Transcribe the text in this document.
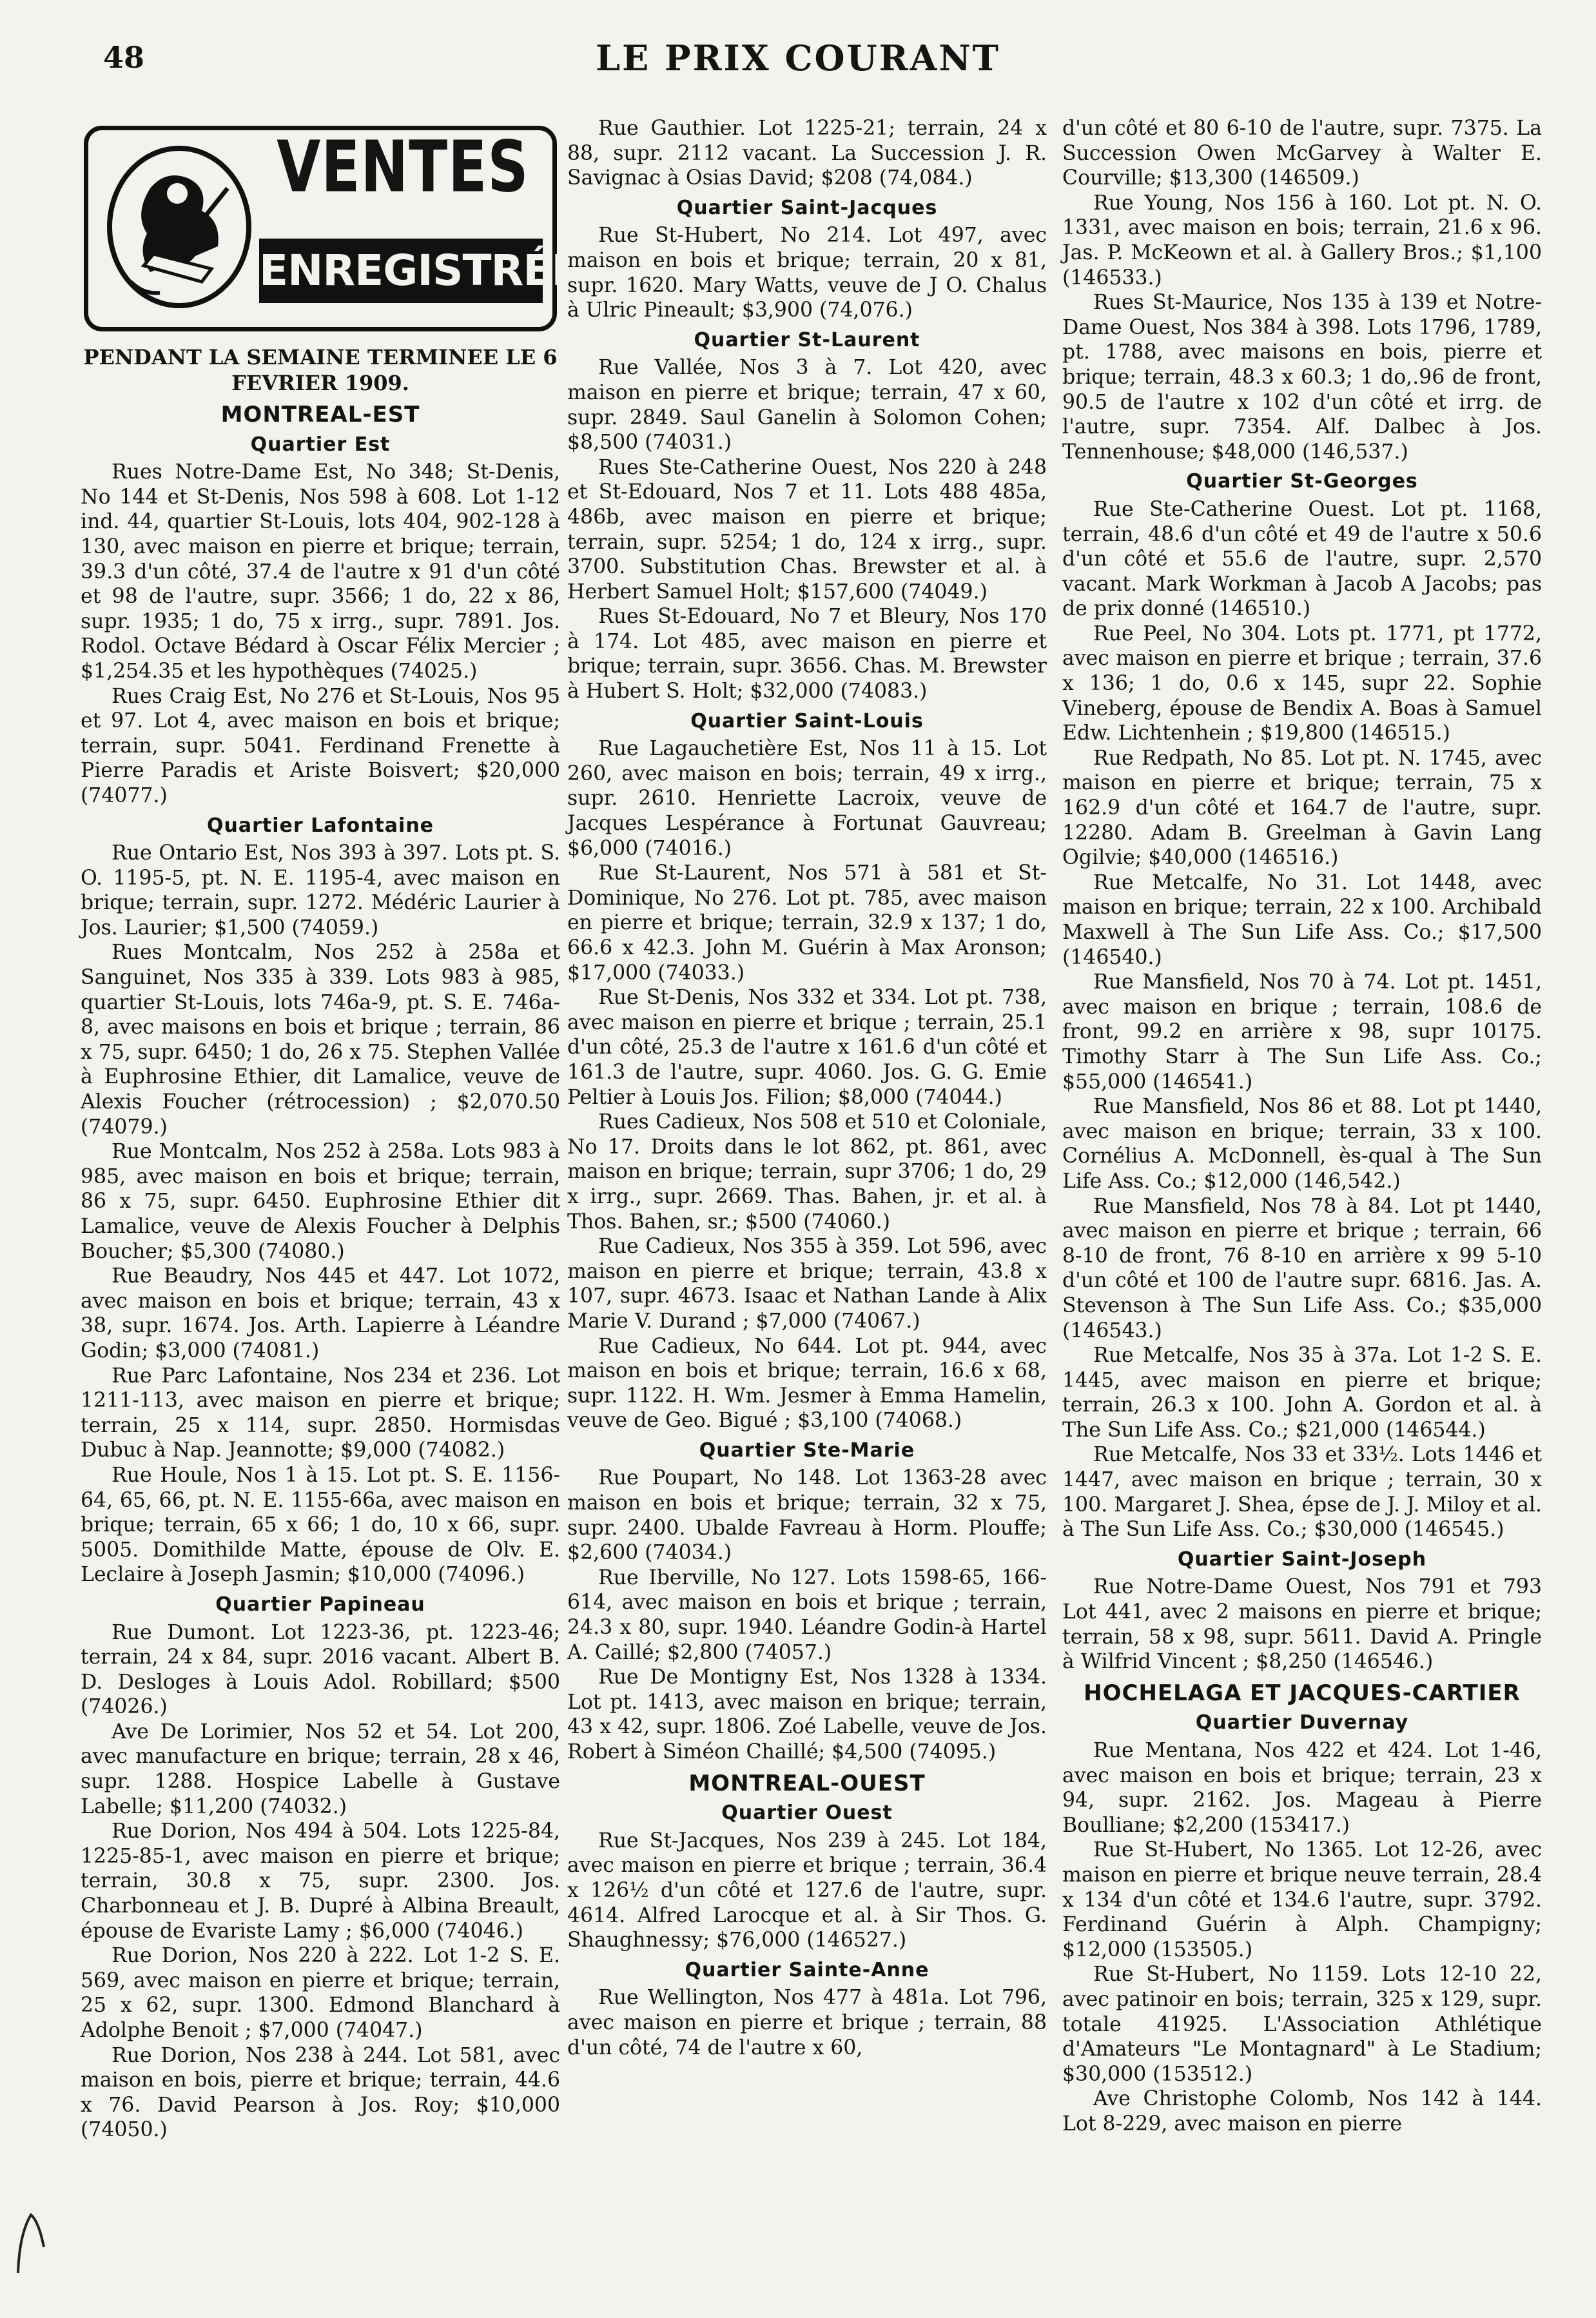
48	LE PRIX COURANT
VENTES
ENREGISTRÉES
PENDANT LA SEMAINE TERMINEE LE 6 FEVRIER 1909.
MONTREAL-EST
Quartier Est

Rues Notre-Dame Est, No 348; St-Denis, No 144 et St-Denis, Nos 598 à 608. Lot 1-12 ind. 44, quartier St-Louis, lots 404, 902-128 à 130, avec maison en pierre et brique; terrain, 39.3 d'un côté, 37.4 de l'autre x 91 d'un côté et 98 de l'autre, supr. 3566; 1 do, 22 x 86, supr. 1935; 1 do, 75 x irrg., supr. 7891. Jos. Rodol. Octave Bédard à Oscar Félix Mercier ; $1,254.35 et les hypothèques (74025.)

Rues Craig Est, No 276 et St-Louis, Nos 95 et 97. Lot 4, avec maison en bois et brique; terrain, supr. 5041. Ferdinand Frenette à Pierre Paradis et Ariste Boisvert; $20,000 (74077.)

Quartier Lafontaine

Rue Ontario Est, Nos 393 à 397. Lots pt. S. O. 1195-5, pt. N. E. 1195-4, avec maison en brique; terrain, supr. 1272. Médéric Laurier à Jos. Laurier; $1,500 (74059.)

Rues Montcalm, Nos 252 à 258a et Sanguinet, Nos 335 à 339. Lots 983 à 985, quartier St-Louis, lots 746a-9, pt. S. E. 746a-8, avec maisons en bois et brique ; terrain, 86 x 75, supr. 6450; 1 do, 26 x 75. Stephen Vallée à Euphrosine Ethier, dit Lamalice, veuve de Alexis Foucher (rétrocession) ; $2,070.50 (74079.)

Rue Montcalm, Nos 252 à 258a. Lots 983 à 985, avec maison en bois et brique; terrain, 86 x 75, supr. 6450. Euphrosine Ethier dit Lamalice, veuve de Alexis Foucher à Delphis Boucher; $5,300 (74080.)

Rue Beaudry, Nos 445 et 447. Lot 1072, avec maison en bois et brique; terrain, 43 x 38, supr. 1674. Jos. Arth. Lapierre à Léandre Godin; $3,000 (74081.)

Rue Parc Lafontaine, Nos 234 et 236. Lot 1211-113, avec maison en pierre et brique; terrain, 25 x 114, supr. 2850. Hormisdas Dubuc à Nap. Jeannotte; $9,000 (74082.)

Rue Houle, Nos 1 à 15. Lot pt. S. E. 1156-64, 65, 66, pt. N. E. 1155-66a, avec maison en brique; terrain, 65 x 66; 1 do, 10 x 66, supr. 5005. Domithilde Matte, épouse de Olv. E. Leclaire à Joseph Jasmin; $10,000 (74096.)

Quartier Papineau

Rue Dumont. Lot 1223-36, pt. 1223-46; terrain, 24 x 84, supr. 2016 vacant. Albert B. D. Desloges à Louis Adol. Robillard; $500 (74026.)

Ave De Lorimier, Nos 52 et 54. Lot 200, avec manufacture en brique; terrain, 28 x 46, supr. 1288. Hospice Labelle à Gustave Labelle; $11,200 (74032.)

Rue Dorion, Nos 494 à 504. Lots 1225-84, 1225-85-1, avec maison en pierre et brique; terrain, 30.8 x 75, supr. 2300. Jos. Charbonneau et J. B. Dupré à Albina Breault, épouse de Evariste Lamy ; $6,000 (74046.)

Rue Dorion, Nos 220 à 222. Lot 1-2 S. E. 569, avec maison en pierre et brique; terrain, 25 x 62, supr. 1300. Edmond Blanchard à Adolphe Benoit ; $7,000 (74047.)

Rue Dorion, Nos 238 à 244. Lot 581, avec maison en bois, pierre et brique; terrain, 44.6 x 76. David Pearson à Jos. Roy; $10,000 (74050.)

Rue Gauthier. Lot 1225-21; terrain, 24 x 88, supr. 2112 vacant. La Succession J. R. Savignac à Osias David; $208 (74,084.)

Quartier Saint-Jacques

Rue St-Hubert, No 214. Lot 497, avec maison en bois et brique; terrain, 20 x 81, supr. 1620. Mary Watts, veuve de J O. Chalus à Ulric Pineault; $3,900 (74,076.)

Quartier St-Laurent

Rue Vallée, Nos 3 à 7. Lot 420, avec maison en pierre et brique; terrain, 47 x 60, supr. 2849. Saul Ganelin à Solomon Cohen; $8,500 (74031.)

Rues Ste-Catherine Ouest, Nos 220 à 248 et St-Edouard, Nos 7 et 11. Lots 488 485a, 486b, avec maison en pierre et brique; terrain, supr. 5254; 1 do, 124 x irrg., supr. 3700. Substitution Chas. Brewster et al. à Herbert Samuel Holt; $157,600 (74049.)

Rues St-Edouard, No 7 et Bleury, Nos 170 à 174. Lot 485, avec maison en pierre et brique; terrain, supr. 3656. Chas. M. Brewster à Hubert S. Holt; $32,000 (74083.)

Quartier Saint-Louis

Rue Lagauchetière Est, Nos 11 à 15. Lot 260, avec maison en bois; terrain, 49 x irrg., supr. 2610. Henriette Lacroix, veuve de Jacques Lespérance à Fortunat Gauvreau; $6,000 (74016.)

Rue St-Laurent, Nos 571 à 581 et St-Dominique, No 276. Lot pt. 785, avec maison en pierre et brique; terrain, 32.9 x 137; 1 do, 66.6 x 42.3. John M. Guérin à Max Aronson; $17,000 (74033.)

Rue St-Denis, Nos 332 et 334. Lot pt. 738, avec maison en pierre et brique ; terrain, 25.1 d'un côté, 25.3 de l'autre x 161.6 d'un côté et 161.3 de l'autre, supr. 4060. Jos. G. G. Emie Peltier à Louis Jos. Filion; $8,000 (74044.)

Rues Cadieux, Nos 508 et 510 et Coloniale, No 17. Droits dans le lot 862, pt. 861, avec maison en brique; terrain, supr 3706; 1 do, 29 x irrg., supr. 2669. Thas. Bahen, jr. et al. à Thos. Bahen, sr.; $500 (74060.)

Rue Cadieux, Nos 355 à 359. Lot 596, avec maison en pierre et brique; terrain, 43.8 x 107, supr. 4673. Isaac et Nathan Lande à Alix Marie V. Durand ; $7,000 (74067.)

Rue Cadieux, No 644. Lot pt. 944, avec maison en bois et brique; terrain, 16.6 x 68, supr. 1122. H. Wm. Jesmer à Emma Hamelin, veuve de Geo. Bigué ; $3,100 (74068.)

Quartier Ste-Marie

Rue Poupart, No 148. Lot 1363-28 avec maison en bois et brique; terrain, 32 x 75, supr. 2400. Ubalde Favreau à Horm. Plouffe; $2,600 (74034.)

Rue Iberville, No 127. Lots 1598-65, 166-614, avec maison en bois et brique ; terrain, 24.3 x 80, supr. 1940. Léandre Godin-à Hartel A. Caillé; $2,800 (74057.)

Rue De Montigny Est, Nos 1328 à 1334. Lot pt. 1413, avec maison en brique; terrain, 43 x 42, supr. 1806. Zoé Labelle, veuve de Jos. Robert à Siméon Chaillé; $4,500 (74095.)

MONTREAL-OUEST
Quartier Ouest

Rue St-Jacques, Nos 239 à 245. Lot 184, avec maison en pierre et brique ; terrain, 36.4 x 126½ d'un côté et 127.6 de l'autre, supr. 4614. Alfred Larocque et al. à Sir Thos. G. Shaughnessy; $76,000 (146527.)

Quartier Sainte-Anne

Rue Wellington, Nos 477 à 481a. Lot 796, avec maison en pierre et brique ; terrain, 88 d'un côté, 74 de l'autre x 60,

d'un côté et 80 6-10 de l'autre, supr. 7375. La Succession Owen McGarvey à Walter E. Courville; $13,300 (146509.)

Rue Young, Nos 156 à 160. Lot pt. N. O. 1331, avec maison en bois; terrain, 21.6 x 96. Jas. P. McKeown et al. à Gallery Bros.; $1,100 (146533.)

Rues St-Maurice, Nos 135 à 139 et Notre-Dame Ouest, Nos 384 à 398. Lots 1796, 1789, pt. 1788, avec maisons en bois, pierre et brique; terrain, 48.3 x 60.3; 1 do,.96 de front, 90.5 de l'autre x 102 d'un côté et irrg. de l'autre, supr. 7354. Alf. Dalbec à Jos. Tennenhouse; $48,000 (146,537.)

Quartier St-Georges

Rue Ste-Catherine Ouest. Lot pt. 1168, terrain, 48.6 d'un côté et 49 de l'autre x 50.6 d'un côté et 55.6 de l'autre, supr. 2,570 vacant. Mark Workman à Jacob A Jacobs; pas de prix donné (146510.)

Rue Peel, No 304. Lots pt. 1771, pt 1772, avec maison en pierre et brique ; terrain, 37.6 x 136; 1 do, 0.6 x 145, supr 22. Sophie Vineberg, épouse de Bendix A. Boas à Samuel Edw. Lichtenhein ; $19,800 (146515.)

Rue Redpath, No 85. Lot pt. N. 1745, avec maison en pierre et brique; terrain, 75 x 162.9 d'un côté et 164.7 de l'autre, supr. 12280. Adam B. Greelman à Gavin Lang Ogilvie; $40,000 (146516.)

Rue Metcalfe, No 31. Lot 1448, avec maison en brique; terrain, 22 x 100. Archibald Maxwell à The Sun Life Ass. Co.; $17,500 (146540.)

Rue Mansfield, Nos 70 à 74. Lot pt. 1451, avec maison en brique ; terrain, 108.6 de front, 99.2 en arrière x 98, supr 10175. Timothy Starr à The Sun Life Ass. Co.; $55,000 (146541.)

Rue Mansfield, Nos 86 et 88. Lot pt 1440, avec maison en brique; terrain, 33 x 100. Cornélius A. McDonnell, ès-qual à The Sun Life Ass. Co.; $12,000 (146,542.)

Rue Mansfield, Nos 78 à 84. Lot pt 1440, avec maison en pierre et brique ; terrain, 66 8-10 de front, 76 8-10 en arrière x 99 5-10 d'un côté et 100 de l'autre supr. 6816. Jas. A. Stevenson à The Sun Life Ass. Co.; $35,000 (146543.)

Rue Metcalfe, Nos 35 à 37a. Lot 1-2 S. E. 1445, avec maison en pierre et brique; terrain, 26.3 x 100. John A. Gordon et al. à The Sun Life Ass. Co.; $21,000 (146544.)

Rue Metcalfe, Nos 33 et 33½. Lots 1446 et 1447, avec maison en brique ; terrain, 30 x 100. Margaret J. Shea, épse de J. J. Miloy et al. à The Sun Life Ass. Co.; $30,000 (146545.)

Quartier Saint-Joseph

Rue Notre-Dame Ouest, Nos 791 et 793 Lot 441, avec 2 maisons en pierre et brique; terrain, 58 x 98, supr. 5611. David A. Pringle à Wilfrid Vincent ; $8,250 (146546.)

HOCHELAGA ET JACQUES-CARTIER
Quartier Duvernay

Rue Mentana, Nos 422 et 424. Lot 1-46, avec maison en bois et brique; terrain, 23 x 94, supr. 2162. Jos. Mageau à Pierre Boulliane; $2,200 (153417.)

Rue St-Hubert, No 1365. Lot 12-26, avec maison en pierre et brique neuve terrain, 28.4 x 134 d'un côté et 134.6 l'autre, supr. 3792. Ferdinand Guérin à Alph. Champigny; $12,000 (153505.)

Rue St-Hubert, No 1159. Lots 12-10 22, avec patinoir en bois; terrain, 325 x 129, supr. totale 41925. L'Association Athlétique d'Amateurs "Le Montagnard" à Le Stadium; $30,000 (153512.)

Ave Christophe Colomb, Nos 142 à 144. Lot 8-229, avec maison en pierre
